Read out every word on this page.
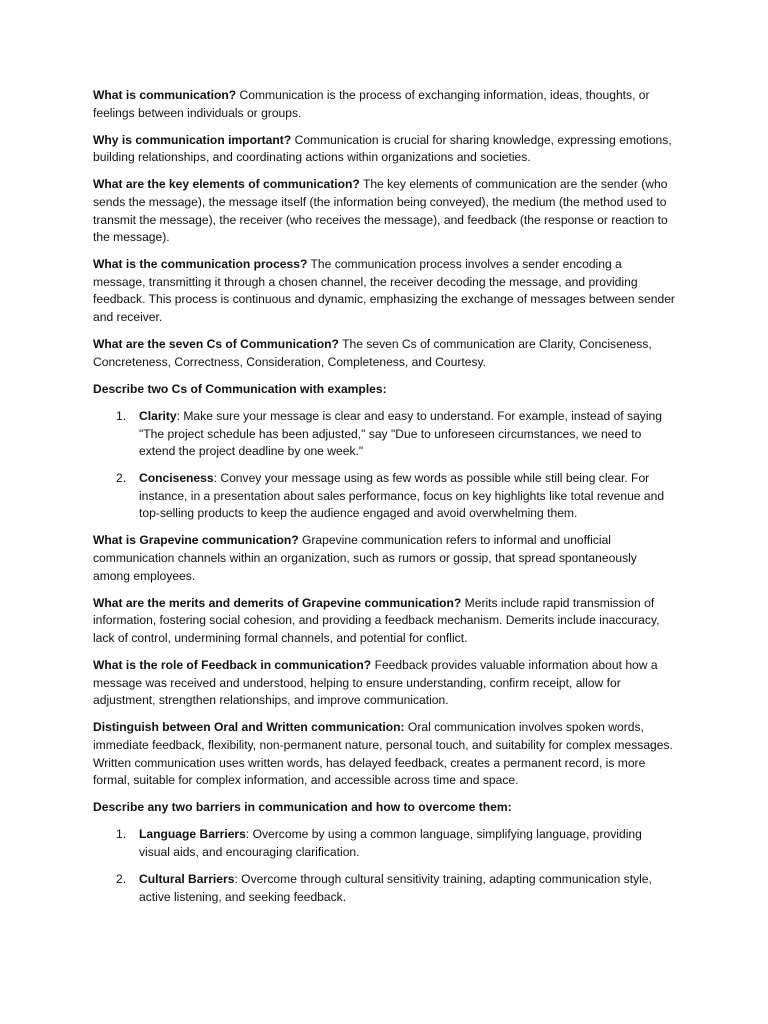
What is communication? Communication is the process of exchanging information, ideas, thoughts, or feelings between individuals or groups.

Why is communication important? Communication is crucial for sharing knowledge, expressing emotions, building relationships, and coordinating actions within organizations and societies.

What are the key elements of communication? The key elements of communication are the sender (who sends the message), the message itself (the information being conveyed), the medium (the method used to transmit the message), the receiver (who receives the message), and feedback (the response or reaction to the message).

What is the communication process? The communication process involves a sender encoding a message, transmitting it through a chosen channel, the receiver decoding the message, and providing feedback. This process is continuous and dynamic, emphasizing the exchange of messages between sender and receiver.

What are the seven Cs of Communication? The seven Cs of communication are Clarity, Conciseness, Concreteness, Correctness, Consideration, Completeness, and Courtesy.

Describe two Cs of Communication with examples:

1. Clarity: Make sure your message is clear and easy to understand. For example, instead of saying "The project schedule has been adjusted," say "Due to unforeseen circumstances, we need to extend the project deadline by one week."
2. Conciseness: Convey your message using as few words as possible while still being clear. For instance, in a presentation about sales performance, focus on key highlights like total revenue and top-selling products to keep the audience engaged and avoid overwhelming them.

What is Grapevine communication? Grapevine communication refers to informal and unofficial communication channels within an organization, such as rumors or gossip, that spread spontaneously among employees.

What are the merits and demerits of Grapevine communication? Merits include rapid transmission of information, fostering social cohesion, and providing a feedback mechanism. Demerits include inaccuracy, lack of control, undermining formal channels, and potential for conflict.

What is the role of Feedback in communication? Feedback provides valuable information about how a message was received and understood, helping to ensure understanding, confirm receipt, allow for adjustment, strengthen relationships, and improve communication.

Distinguish between Oral and Written communication: Oral communication involves spoken words, immediate feedback, flexibility, non-permanent nature, personal touch, and suitability for complex messages. Written communication uses written words, has delayed feedback, creates a permanent record, is more formal, suitable for complex information, and accessible across time and space.

Describe any two barriers in communication and how to overcome them:

1. Language Barriers: Overcome by using a common language, simplifying language, providing visual aids, and encouraging clarification.
2. Cultural Barriers: Overcome through cultural sensitivity training, adapting communication style, active listening, and seeking feedback.
